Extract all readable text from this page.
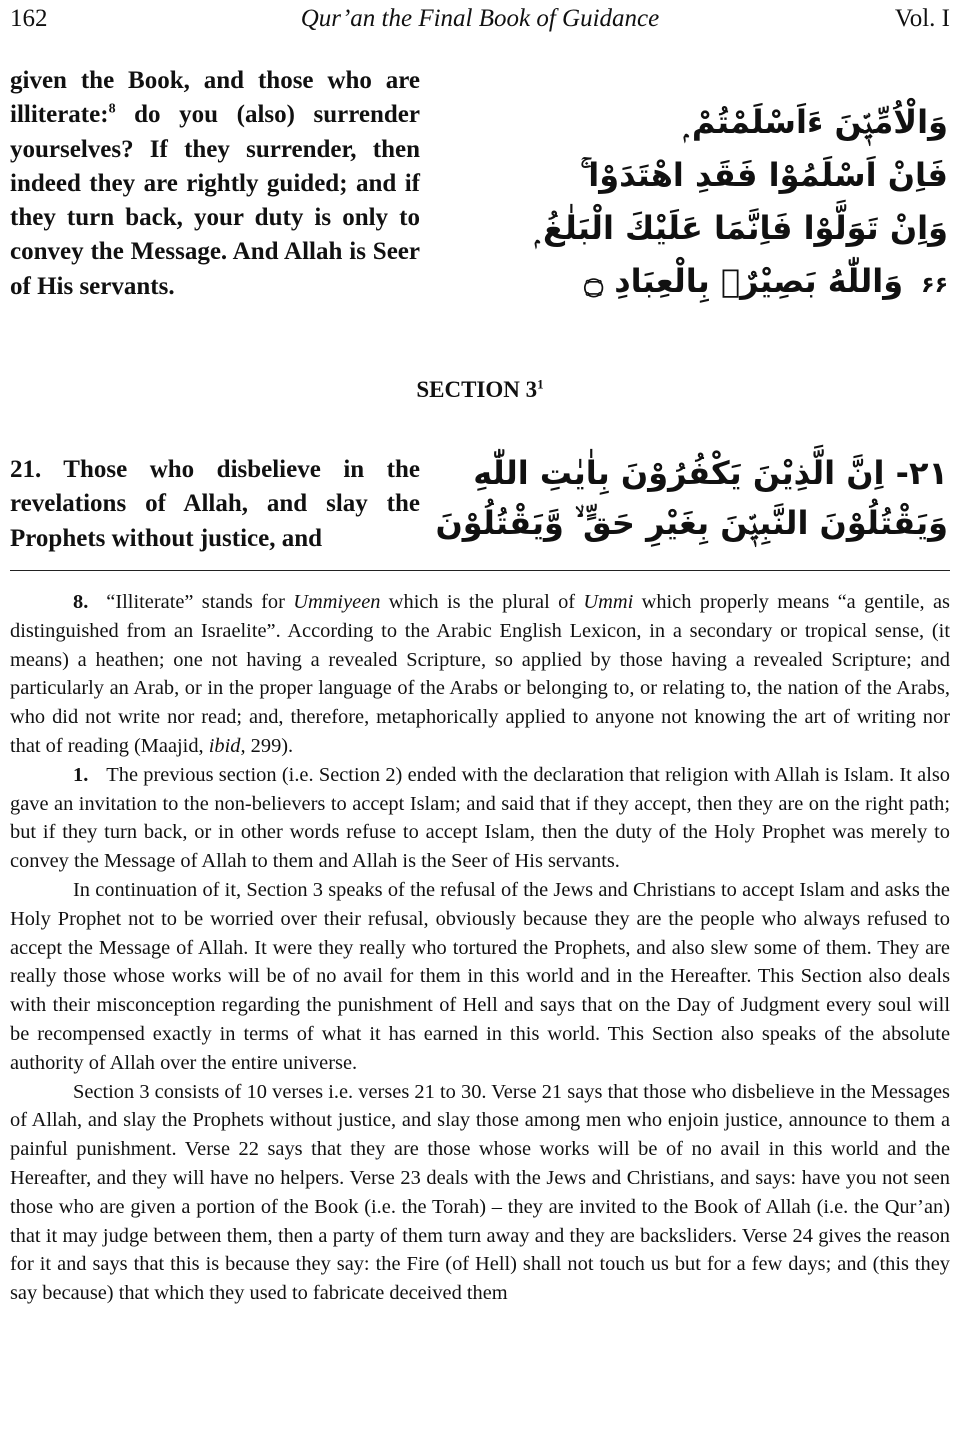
162	Qur’an the Final Book of Guidance	Vol. I

given the Book, and those who are illiterate:$^8$ do you (also) surrender yourselves? If they surrender, then indeed they are rightly guided; and if they turn back, your duty is only to convey the Message. And Allah is Seer of His servants.

وَالْاُمِّيّٖنَ ءَاَسْلَمْتُمْ ۭ
فَاِنْ اَسْلَمُوْا فَقَدِ اهْتَدَوْا ۚ
وَاِنْ تَوَلَّوْا فَاِنَّمَا عَلَيْكَ الْبَلٰغُ ۭ
۶۶وَاللّٰهُ بَصِيْرٌۢ بِالْعِبَادِ ۝
SECTION $3^1$

21. Those who disbelieve in the revelations of Allah, and slay the Prophets without justice, and

٢١- اِنَّ الَّذِيْنَ يَكْفُرُوْنَ بِاٰيٰتِ اللّٰهِ
وَيَقْتُلُوْنَ النَّبِيّٖنَ بِغَيْرِ حَقٍّ ۙ وَّيَقْتُلُوْنَ

8. “Illiterate” stands for Ummiyeen which is the plural of Ummi which properly means “a gentile, as distinguished from an Israelite”. According to the Arabic English Lexicon, in a secondary or tropical sense, (it means) a heathen; one not having a revealed Scripture, so applied by those having a revealed Scripture; and particularly an Arab, or in the proper language of the Arabs or belonging to, or relating to, the nation of the Arabs, who did not write nor read; and, therefore, metaphorically applied to anyone not knowing the art of writing nor that of reading (Maajid, ibid, 299).

1. The previous section (i.e. Section 2) ended with the declaration that religion with Allah is Islam. It also gave an invitation to the non-believers to accept Islam; and said that if they accept, then they are on the right path; but if they turn back, or in other words refuse to accept Islam, then the duty of the Holy Prophet was merely to convey the Message of Allah to them and Allah is the Seer of His servants.

In continuation of it, Section 3 speaks of the refusal of the Jews and Christians to accept Islam and asks the Holy Prophet not to be worried over their refusal, obviously because they are the people who always refused to accept the Message of Allah. It were they really who tortured the Prophets, and also slew some of them. They are really those whose works will be of no avail for them in this world and in the Hereafter. This Section also deals with their misconception regarding the punishment of Hell and says that on the Day of Judgment every soul will be recompensed exactly in terms of what it has earned in this world. This Section also speaks of the absolute authority of Allah over the entire universe.

Section 3 consists of 10 verses i.e. verses 21 to 30. Verse 21 says that those who disbelieve in the Messages of Allah, and slay the Prophets without justice, and slay those among men who enjoin justice, announce to them a painful punishment. Verse 22 says that they are those whose works will be of no avail in this world and the Hereafter, and they will have no helpers. Verse 23 deals with the Jews and Christians, and says: have you not seen those who are given a portion of the Book (i.e. the Torah) – they are invited to the Book of Allah (i.e. the Qur’an) that it may judge between them, then a party of them turn away and they are backsliders. Verse 24 gives the reason for it and says that this is because they say: the Fire (of Hell) shall not touch us but for a few days; and (this they say because) that which they used to fabricate deceived them
